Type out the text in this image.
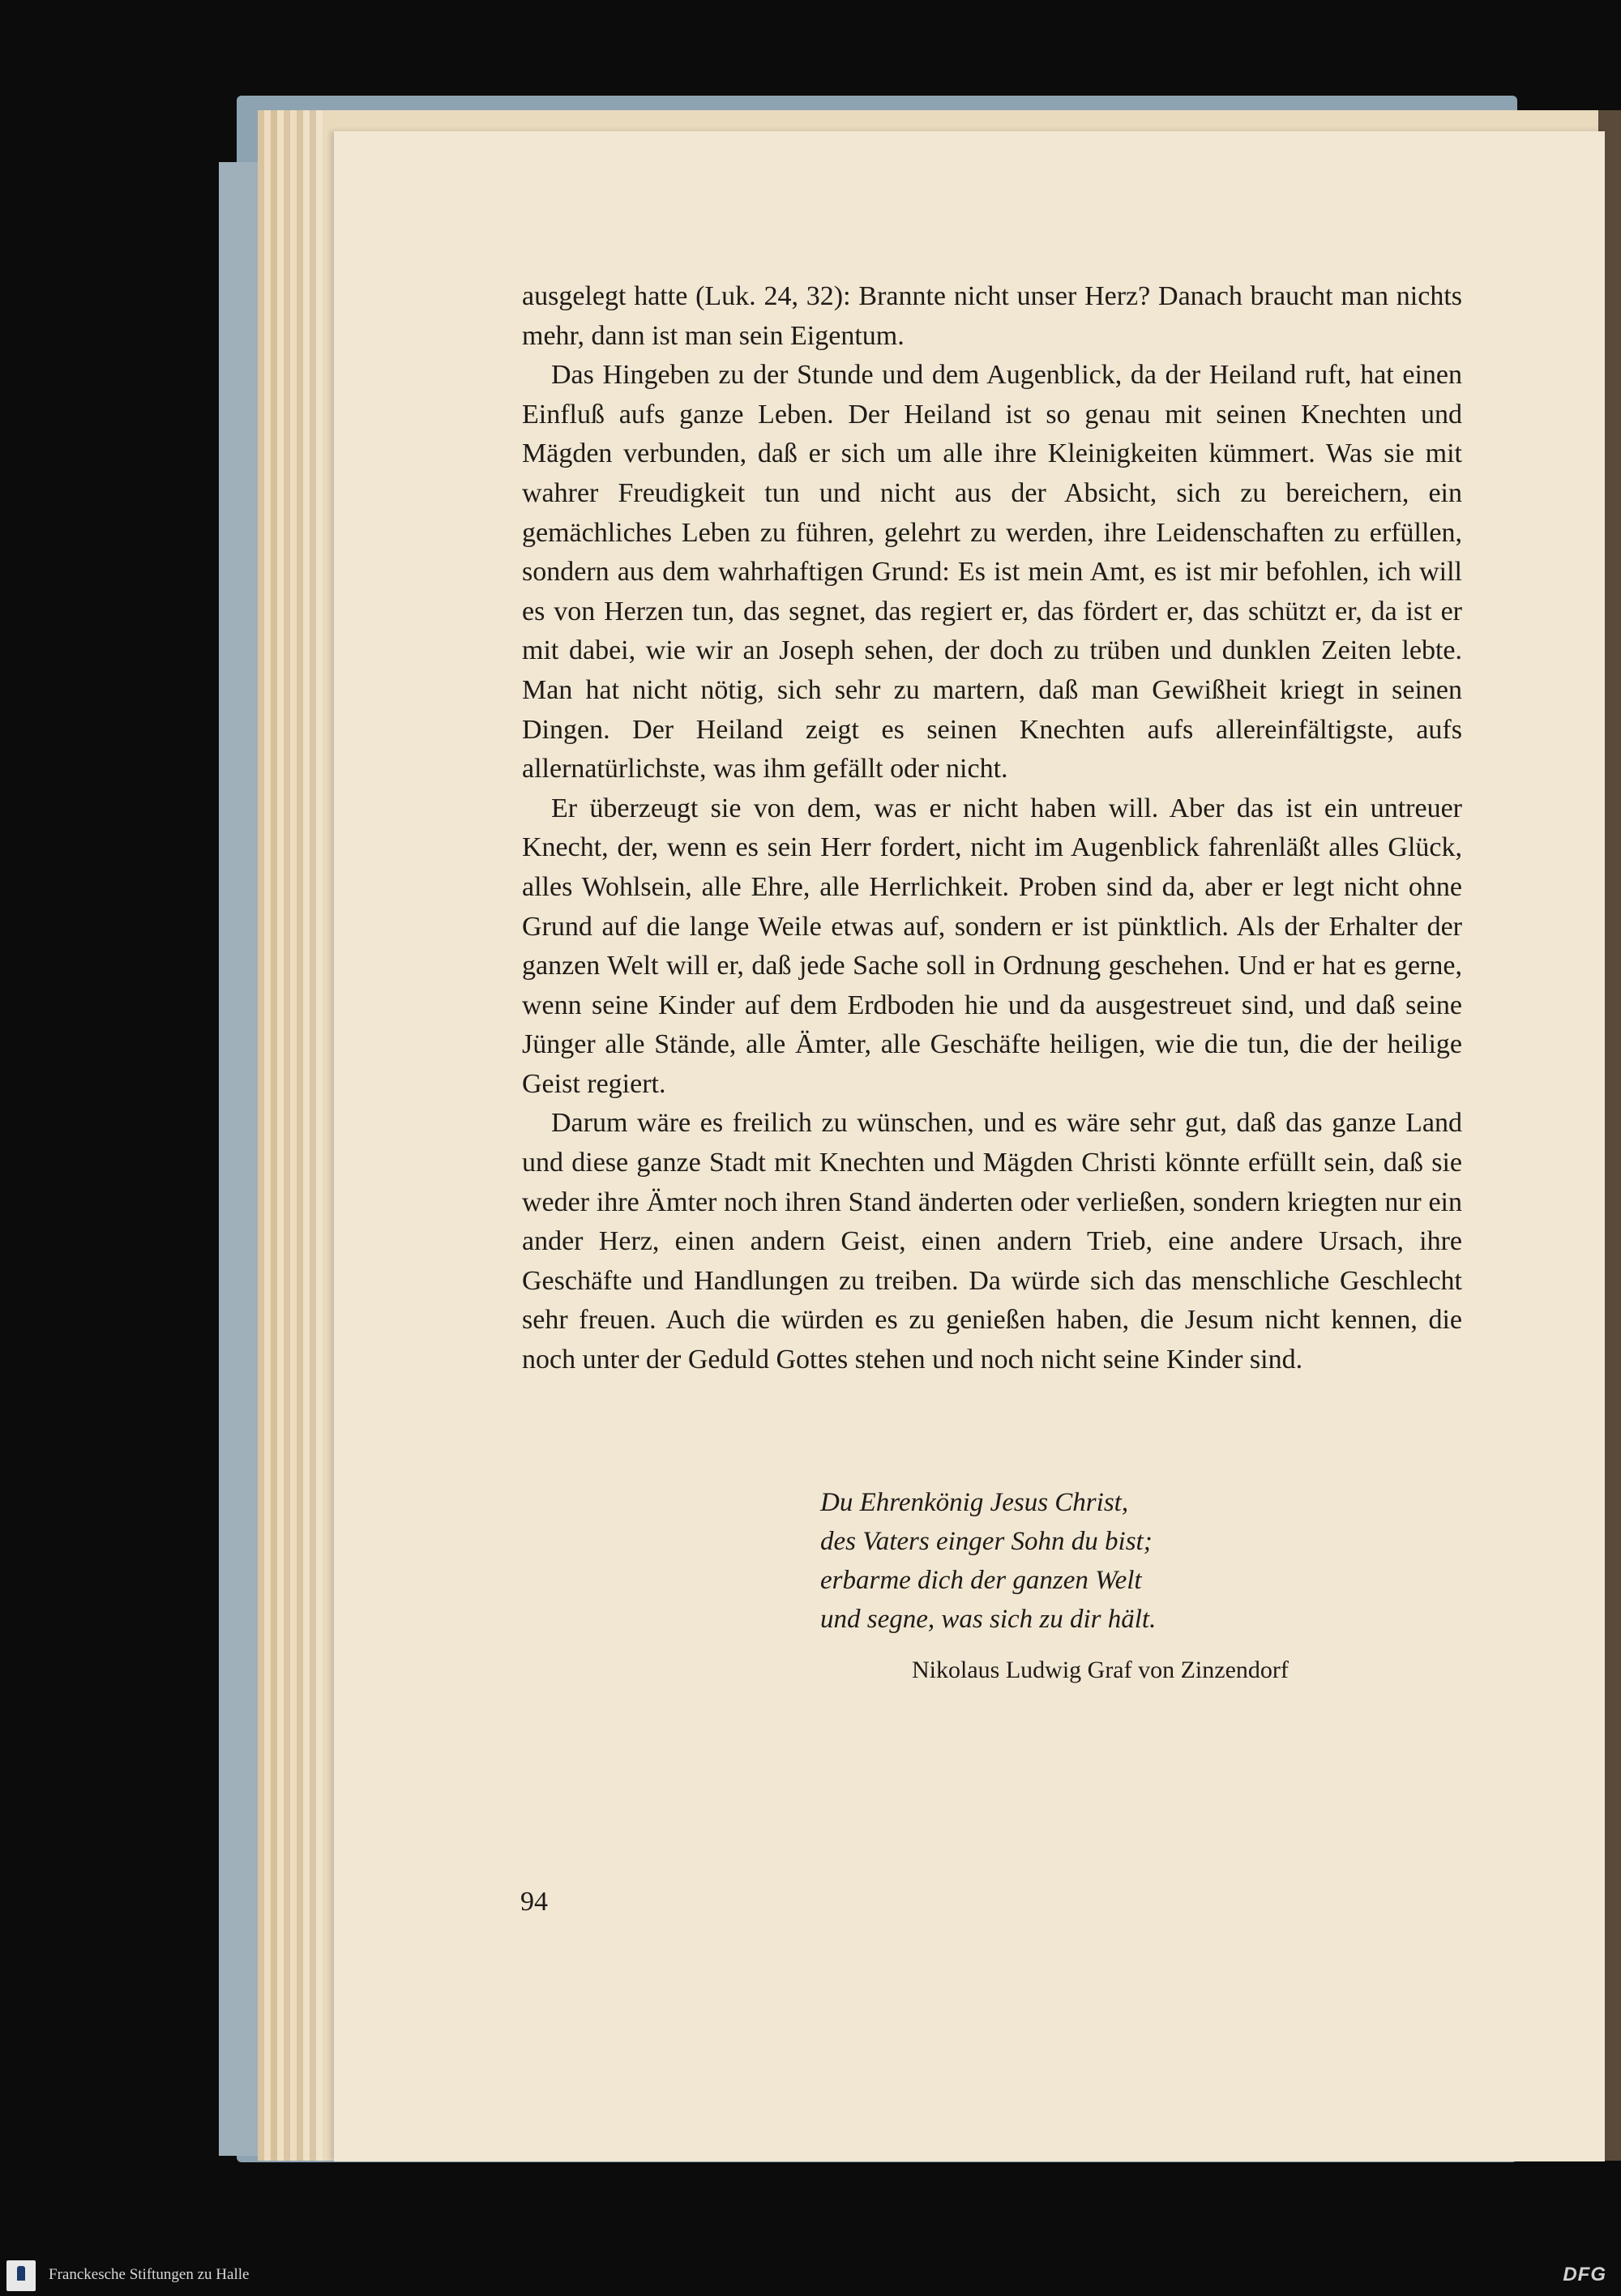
ausgelegt hatte (Luk. 24, 32): Brannte nicht unser Herz? Danach braucht man nichts mehr, dann ist man sein Eigentum.

Das Hingeben zu der Stunde und dem Augenblick, da der Heiland ruft, hat einen Einfluß aufs ganze Leben. Der Heiland ist so genau mit seinen Knechten und Mägden verbunden, daß er sich um alle ihre Kleinigkeiten kümmert. Was sie mit wahrer Freudigkeit tun und nicht aus der Absicht, sich zu bereichern, ein gemächliches Leben zu führen, gelehrt zu werden, ihre Leidenschaften zu erfüllen, sondern aus dem wahrhaftigen Grund: Es ist mein Amt, es ist mir befohlen, ich will es von Herzen tun, das segnet, das regiert er, das fördert er, das schützt er, da ist er mit dabei, wie wir an Joseph sehen, der doch zu trüben und dunklen Zeiten lebte. Man hat nicht nötig, sich sehr zu martern, daß man Gewißheit kriegt in seinen Dingen. Der Heiland zeigt es seinen Knechten aufs allereinfältigste, aufs allernatürlichste, was ihm gefällt oder nicht.

Er überzeugt sie von dem, was er nicht haben will. Aber das ist ein untreuer Knecht, der, wenn es sein Herr fordert, nicht im Augenblick fahrenläßt alles Glück, alles Wohlsein, alle Ehre, alle Herrlichkeit. Proben sind da, aber er legt nicht ohne Grund auf die lange Weile etwas auf, sondern er ist pünktlich. Als der Erhalter der ganzen Welt will er, daß jede Sache soll in Ordnung geschehen. Und er hat es gerne, wenn seine Kinder auf dem Erdboden hie und da ausgestreuet sind, und daß seine Jünger alle Stände, alle Ämter, alle Geschäfte heiligen, wie die tun, die der heilige Geist regiert.

Darum wäre es freilich zu wünschen, und es wäre sehr gut, daß das ganze Land und diese ganze Stadt mit Knechten und Mägden Christi könnte erfüllt sein, daß sie weder ihre Ämter noch ihren Stand änderten oder verließen, sondern kriegten nur ein ander Herz, einen andern Geist, einen andern Trieb, eine andere Ursach, ihre Geschäfte und Handlungen zu treiben. Da würde sich das menschliche Geschlecht sehr freuen. Auch die würden es zu genießen haben, die Jesum nicht kennen, die noch unter der Geduld Gottes stehen und noch nicht seine Kinder sind.

Du Ehrenkönig Jesus Christ,
des Vaters einger Sohn du bist;
erbarme dich der ganzen Welt
und segne, was sich zu dir hält.
Nikolaus Ludwig Graf von Zinzendorf
94
Franckesche Stiftungen zu Halle	DFG
